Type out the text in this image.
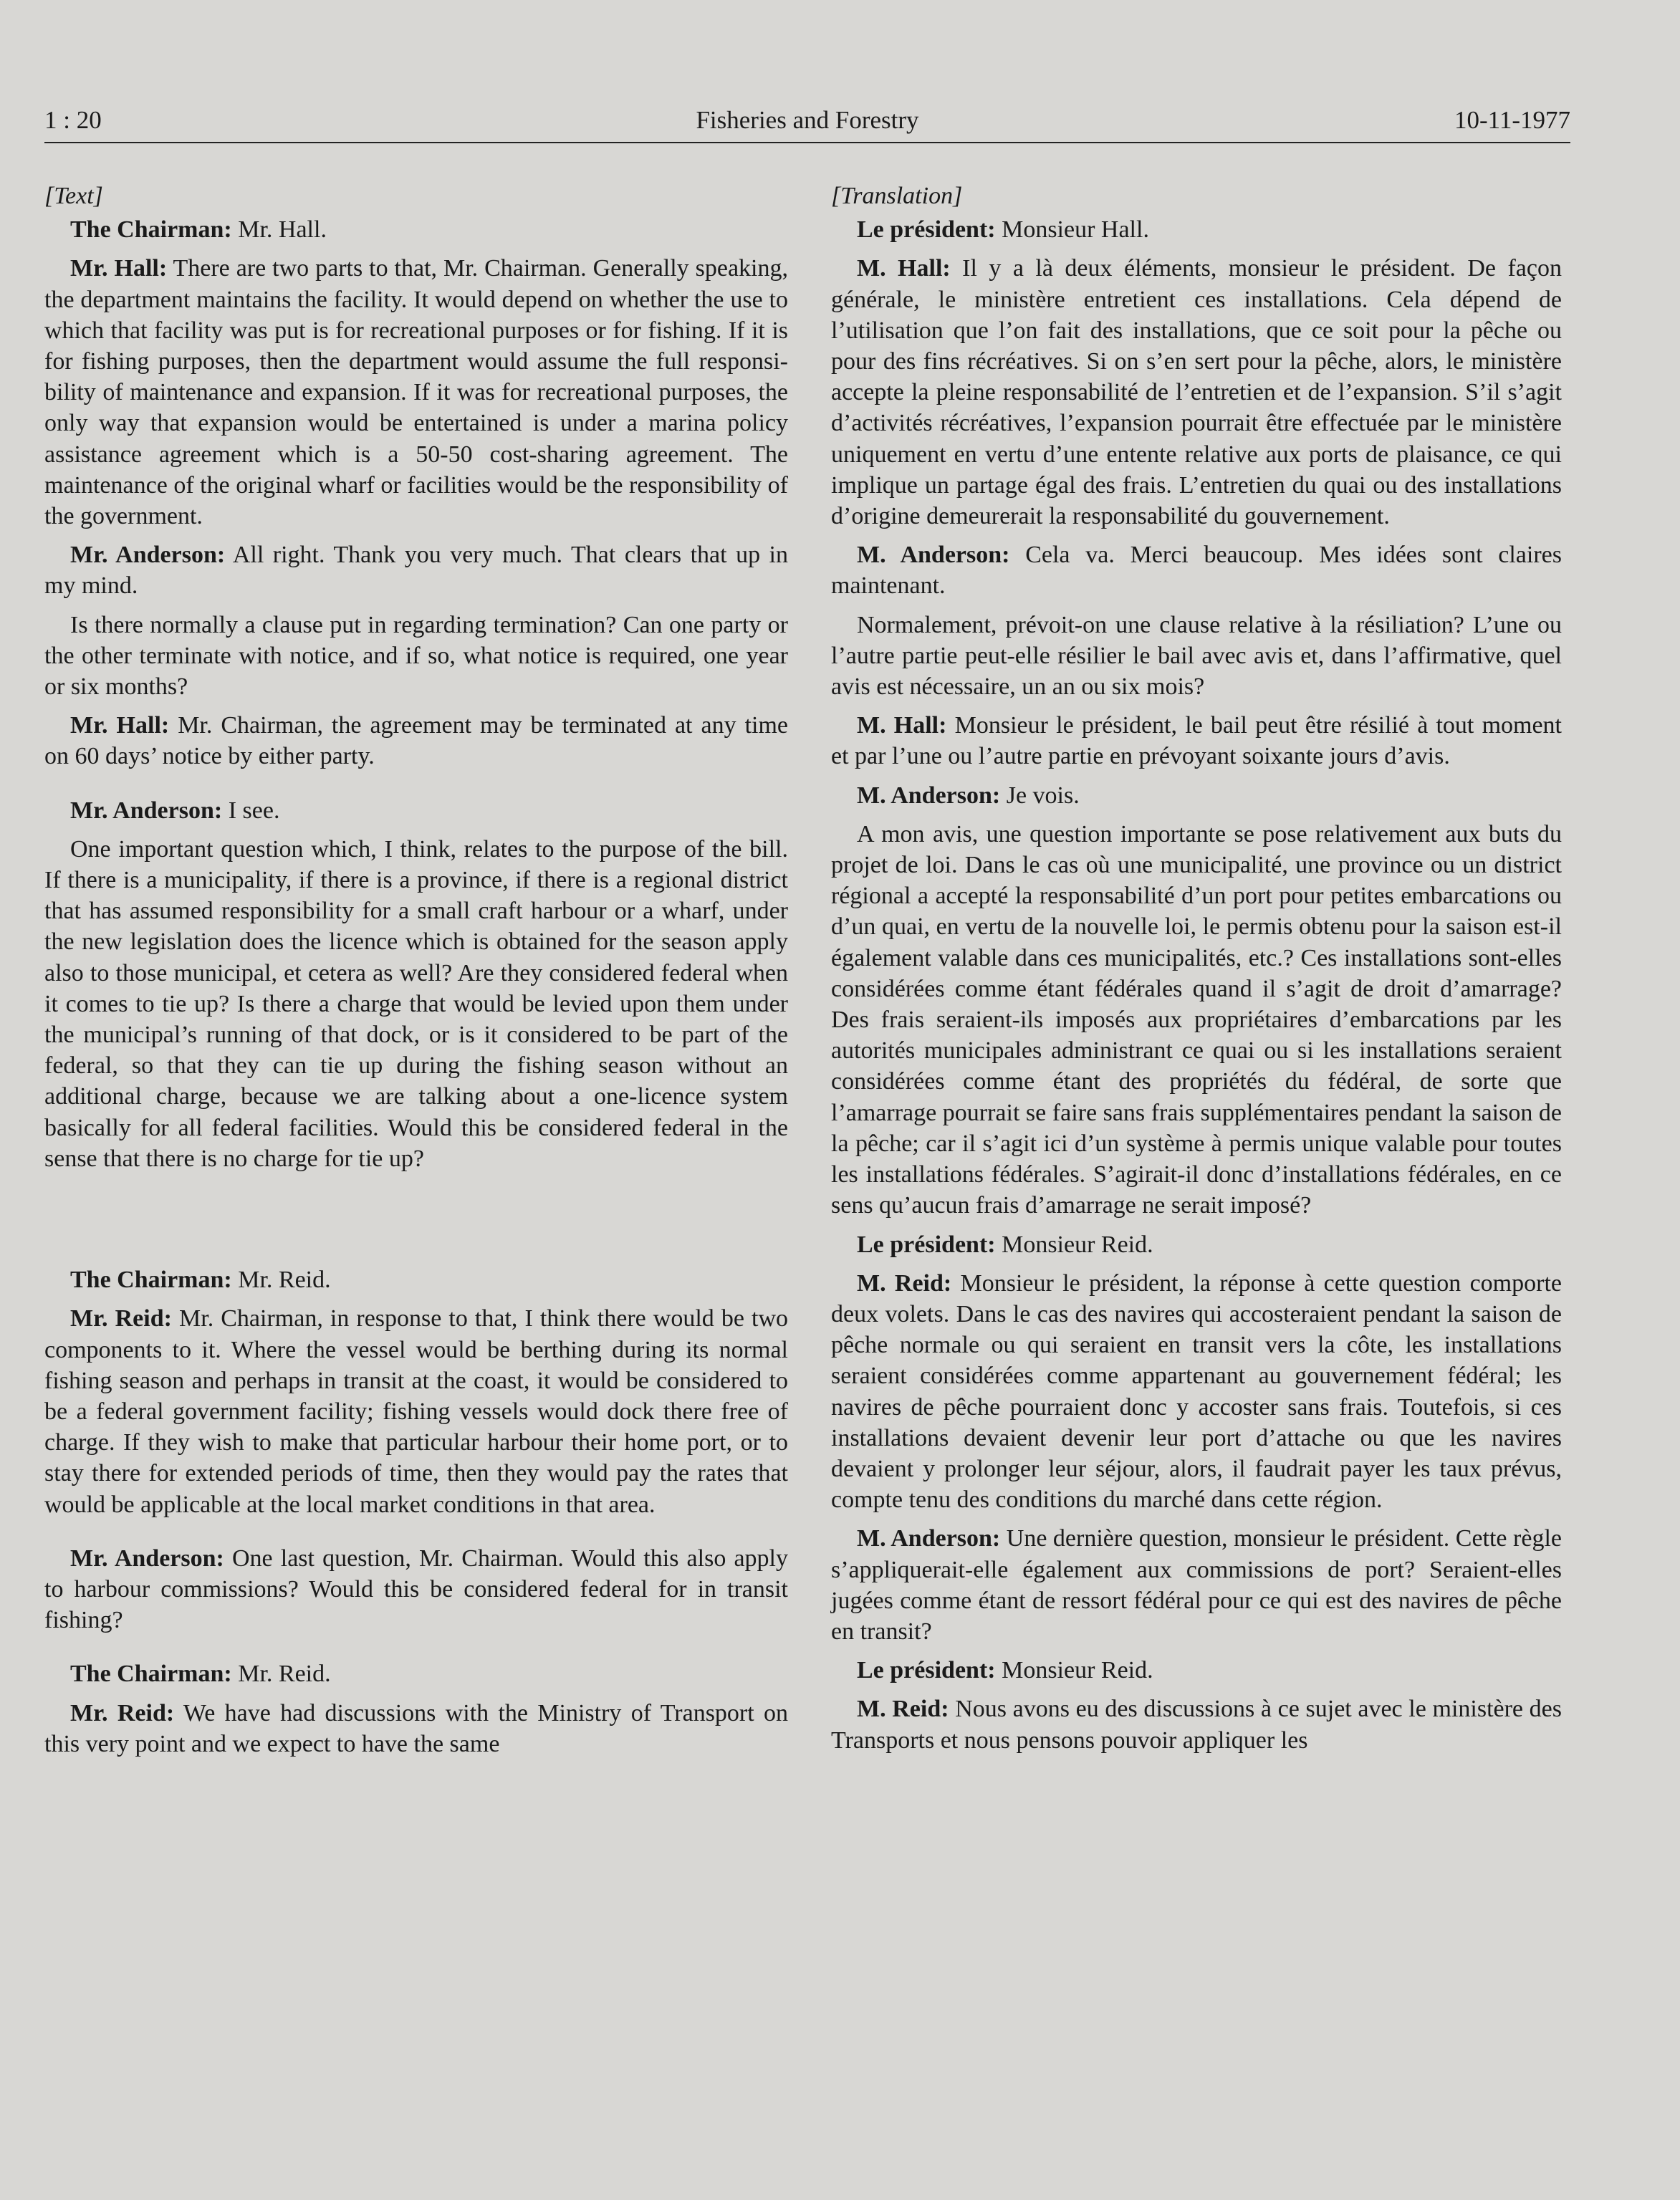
1 : 20	Fisheries and Forestry	10-11-1977

[Text]

The Chairman: Mr. Hall.

Mr. Hall: There are two parts to that, Mr. Chairman. Generally speaking, the department maintains the facility. It would depend on whether the use to which that facility was put is for recreational purposes or for fishing. If it is for fishing purposes, then the department would assume the full responsibility of maintenance and expansion. If it was for recreational purposes, the only way that expansion would be entertained is under a marina policy assistance agreement which is a 50-50 cost-sharing agreement. The maintenance of the original wharf or facilities would be the responsibility of the government.

Mr. Anderson: All right. Thank you very much. That clears that up in my mind.

Is there normally a clause put in regarding termination? Can one party or the other terminate with notice, and if so, what notice is required, one year or six months?

Mr. Hall: Mr. Chairman, the agreement may be terminated at any time on 60 days’ notice by either party.

Mr. Anderson: I see.

One important question which, I think, relates to the purpose of the bill. If there is a municipality, if there is a province, if there is a regional district that has assumed responsibility for a small craft harbour or a wharf, under the new legislation does the licence which is obtained for the season apply also to those municipal, et cetera as well? Are they considered federal when it comes to tie up? Is there a charge that would be levied upon them under the municipal’s running of that dock, or is it considered to be part of the federal, so that they can tie up during the fishing season without an additional charge, because we are talking about a one-licence system basically for all federal facilities. Would this be considered federal in the sense that there is no charge for tie up?

The Chairman: Mr. Reid.

Mr. Reid: Mr. Chairman, in response to that, I think there would be two components to it. Where the vessel would be berthing during its normal fishing season and perhaps in transit at the coast, it would be considered to be a federal government facility; fishing vessels would dock there free of charge. If they wish to make that particular harbour their home port, or to stay there for extended periods of time, then they would pay the rates that would be applicable at the local market conditions in that area.

Mr. Anderson: One last question, Mr. Chairman. Would this also apply to harbour commissions? Would this be considered federal for in transit fishing?

The Chairman: Mr. Reid.

Mr. Reid: We have had discussions with the Ministry of Transport on this very point and we expect to have the same

[Translation]

Le président: Monsieur Hall.

M. Hall: Il y a là deux éléments, monsieur le président. De façon générale, le ministère entretient ces installations. Cela dépend de l’utilisation que l’on fait des installations, que ce soit pour la pêche ou pour des fins récréatives. Si on s’en sert pour la pêche, alors, le ministère accepte la pleine responsabilité de l’entretien et de l’expansion. S’il s’agit d’activités récréatives, l’expansion pourrait être effectuée par le ministère uniquement en vertu d’une entente relative aux ports de plaisance, ce qui implique un partage égal des frais. L’entretien du quai ou des installations d’origine demeurerait la responsabilité du gouvernement.

M. Anderson: Cela va. Merci beaucoup. Mes idées sont claires maintenant.

Normalement, prévoit-on une clause relative à la résiliation? L’une ou l’autre partie peut-elle résilier le bail avec avis et, dans l’affirmative, quel avis est nécessaire, un an ou six mois?

M. Hall: Monsieur le président, le bail peut être résilié à tout moment et par l’une ou l’autre partie en prévoyant soixante jours d’avis.

M. Anderson: Je vois.

A mon avis, une question importante se pose relativement aux buts du projet de loi. Dans le cas où une municipalité, une province ou un district régional a accepté la responsabilité d’un port pour petites embarcations ou d’un quai, en vertu de la nouvelle loi, le permis obtenu pour la saison est-il également valable dans ces municipalités, etc.? Ces installations sont-elles considérées comme étant fédérales quand il s’agit de droit d’amarrage? Des frais seraient-ils imposés aux propriétaires d’embarcations par les autorités municipales administrant ce quai ou si les installations seraient considérées comme étant des propriétés du fédéral, de sorte que l’amarrage pourrait se faire sans frais supplémentaires pendant la saison de la pêche; car il s’agit ici d’un système à permis unique valable pour toutes les installations fédérales. S’agirait-il donc d’installations fédérales, en ce sens qu’aucun frais d’amarrage ne serait imposé?

Le président: Monsieur Reid.

M. Reid: Monsieur le président, la réponse à cette question comporte deux volets. Dans le cas des navires qui accosteraient pendant la saison de pêche normale ou qui seraient en transit vers la côte, les installations seraient considérées comme appartenant au gouvernement fédéral; les navires de pêche pourraient donc y accoster sans frais. Toutefois, si ces installations devaient devenir leur port d’attache ou que les navires devaient y prolonger leur séjour, alors, il faudrait payer les taux prévus, compte tenu des conditions du marché dans cette région.

M. Anderson: Une dernière question, monsieur le président. Cette règle s’appliquerait-elle également aux commissions de port? Seraient-elles jugées comme étant de ressort fédéral pour ce qui est des navires de pêche en transit?

Le président: Monsieur Reid.

M. Reid: Nous avons eu des discussions à ce sujet avec le ministère des Transports et nous pensons pouvoir appliquer les
